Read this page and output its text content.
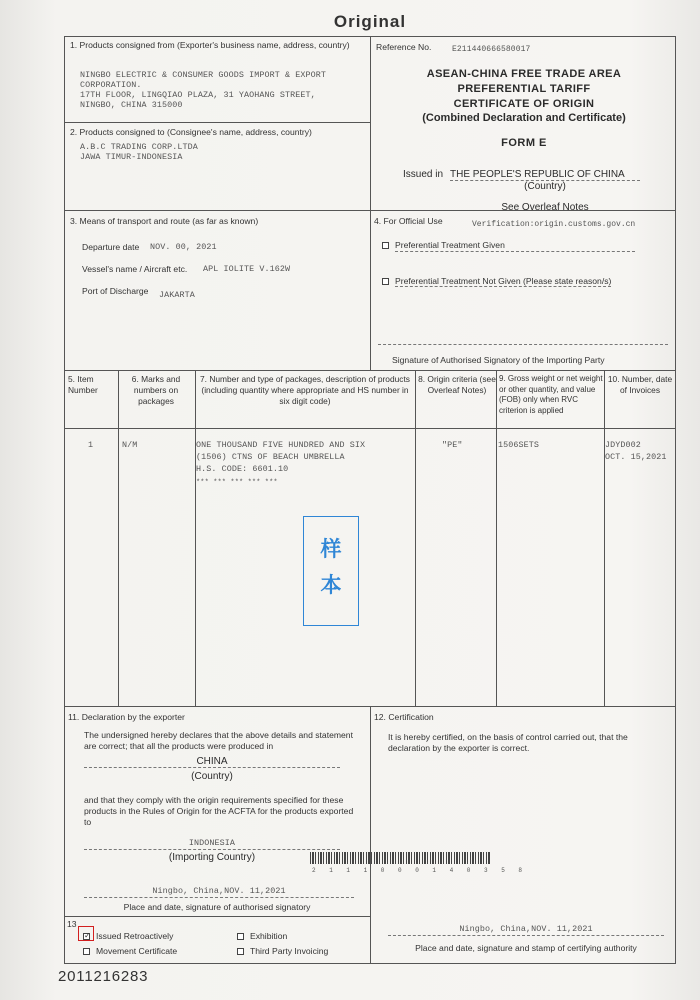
Original
1. Products consigned from (Exporter's business name, address, country)
NINGBO ELECTRIC & CONSUMER GOODS IMPORT & EXPORT
CORPORATION.
17TH FLOOR, LINGQIAO PLAZA, 31 YAOHANG STREET,
NINGBO, CHINA 315000
Reference No.	E211440666580017
ASEAN-CHINA FREE TRADE AREA
PREFERENTIAL TARIFF
CERTIFICATE OF ORIGIN
(Combined Declaration and Certificate)
FORM E
Issued in THE PEOPLE'S REPUBLIC OF CHINA
(Country)
See Overleaf Notes
2. Products consigned to (Consignee's name, address, country)
A.B.C TRADING CORP.LTDA
JAWA TIMUR-INDONESIA
3. Means of transport and route (as far as known)
Departure date NOV. 00, 2021
Vessel's name / Aircraft etc. APL IOLITE V.162W
Port of Discharge JAKARTA
4. For Official Use	Verification:origin.customs.gov.cn
Preferential Treatment Given
Preferential Treatment Not Given (Please state reason/s)
Signature of Authorised Signatory of the Importing Party
5. Item Number
6. Marks and numbers on packages
7. Number and type of packages, description of products (including quantity where appropriate and HS number in six digit code)
8. Origin criteria (see Overleaf Notes)
9. Gross weight or net weight or other quantity, and value (FOB) only when RVC criterion is applied
10. Number, date of Invoices
1	N/M	ONE THOUSAND FIVE HUNDRED AND SIX
(1506) CTNS OF BEACH UMBRELLA
H.S. CODE: 6601.10
*** *** *** *** ***
"PE"	1506SETS	JDYD002
OCT. 15,2021
样
本
11. Declaration by the exporter
The undersigned hereby declares that the above details and statement are correct; that all the products were produced in
CHINA
(Country)
and that they comply with the origin requirements specified for these products in the Rules of Origin for the ACFTA for the products exported to
INDONESIA
(Importing Country)
2 1 1 1 0 0 0 1 4 0 3 5 8
Ningbo, China,NOV. 11,2021
Place and date, signature of authorised signatory
12. Certification
It is hereby certified, on the basis of control carried out, that the declaration by the exporter is correct.
Ningbo, China,NOV. 11,2021
Place and date, signature and stamp of certifying authority
13
✓ Issued Retroactively	Exhibition
Movement Certificate	Third Party Invoicing
2011216283
